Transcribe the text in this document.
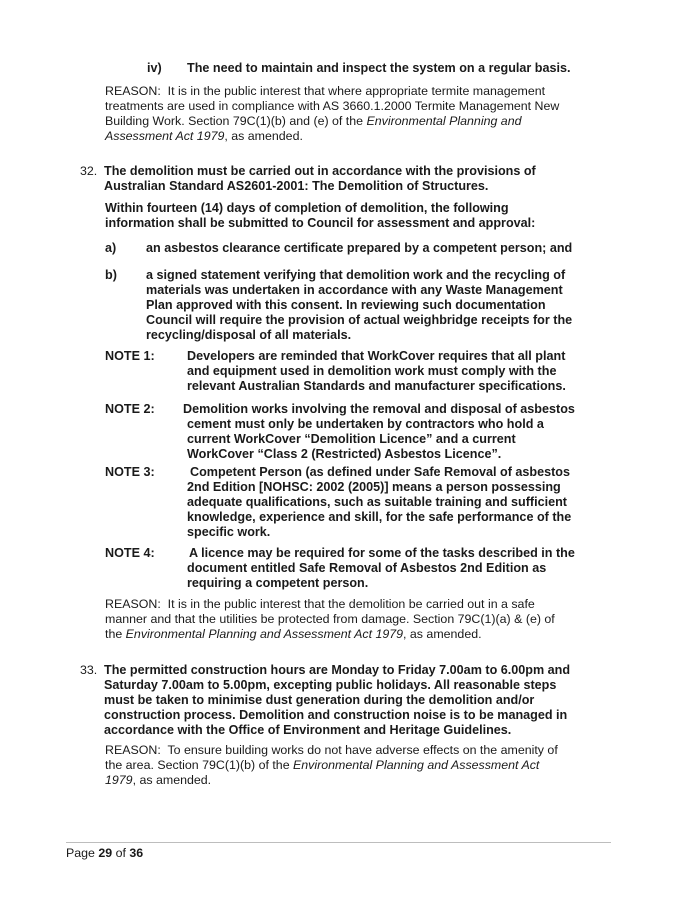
iv) The need to maintain and inspect the system on a regular basis.
REASON: It is in the public interest that where appropriate termite management
treatments are used in compliance with AS 3660.1.2000 Termite Management New
Building Work. Section 79C(1)(b) and (e) of the Environmental Planning and
Assessment Act 1979, as amended.
32. The demolition must be carried out in accordance with the provisions of
Australian Standard AS2601-2001: The Demolition of Structures.
Within fourteen (14) days of completion of demolition, the following
information shall be submitted to Council for assessment and approval:
a) an asbestos clearance certificate prepared by a competent person; and
b) a signed statement verifying that demolition work and the recycling of
materials was undertaken in accordance with any Waste Management
Plan approved with this consent. In reviewing such documentation
Council will require the provision of actual weighbridge receipts for the
recycling/disposal of all materials.
NOTE 1:	Developers are reminded that WorkCover requires that all plant
and equipment used in demolition work must comply with the
relevant Australian Standards and manufacturer specifications.
NOTE 2: Demolition works involving the removal and disposal of asbestos
cement must only be undertaken by contractors who hold a
current WorkCover “Demolition Licence” and a current
WorkCover “Class 2 (Restricted) Asbestos Licence”.
NOTE 3:	Competent Person (as defined under Safe Removal of asbestos
2nd Edition [NOHSC: 2002 (2005)] means a person possessing
adequate qualifications, such as suitable training and sufficient
knowledge, experience and skill, for the safe performance of the
specific work.
NOTE 4:	A licence may be required for some of the tasks described in the
document entitled Safe Removal of Asbestos 2nd Edition as
requiring a competent person.
REASON: It is in the public interest that the demolition be carried out in a safe
manner and that the utilities be protected from damage. Section 79C(1)(a) & (e) of
the Environmental Planning and Assessment Act 1979, as amended.
33. The permitted construction hours are Monday to Friday 7.00am to 6.00pm and
Saturday 7.00am to 5.00pm, excepting public holidays. All reasonable steps
must be taken to minimise dust generation during the demolition and/or
construction process. Demolition and construction noise is to be managed in
accordance with the Office of Environment and Heritage Guidelines.
REASON: To ensure building works do not have adverse effects on the amenity of
the area. Section 79C(1)(b) of the Environmental Planning and Assessment Act
1979, as amended.
Page 29 of 36
